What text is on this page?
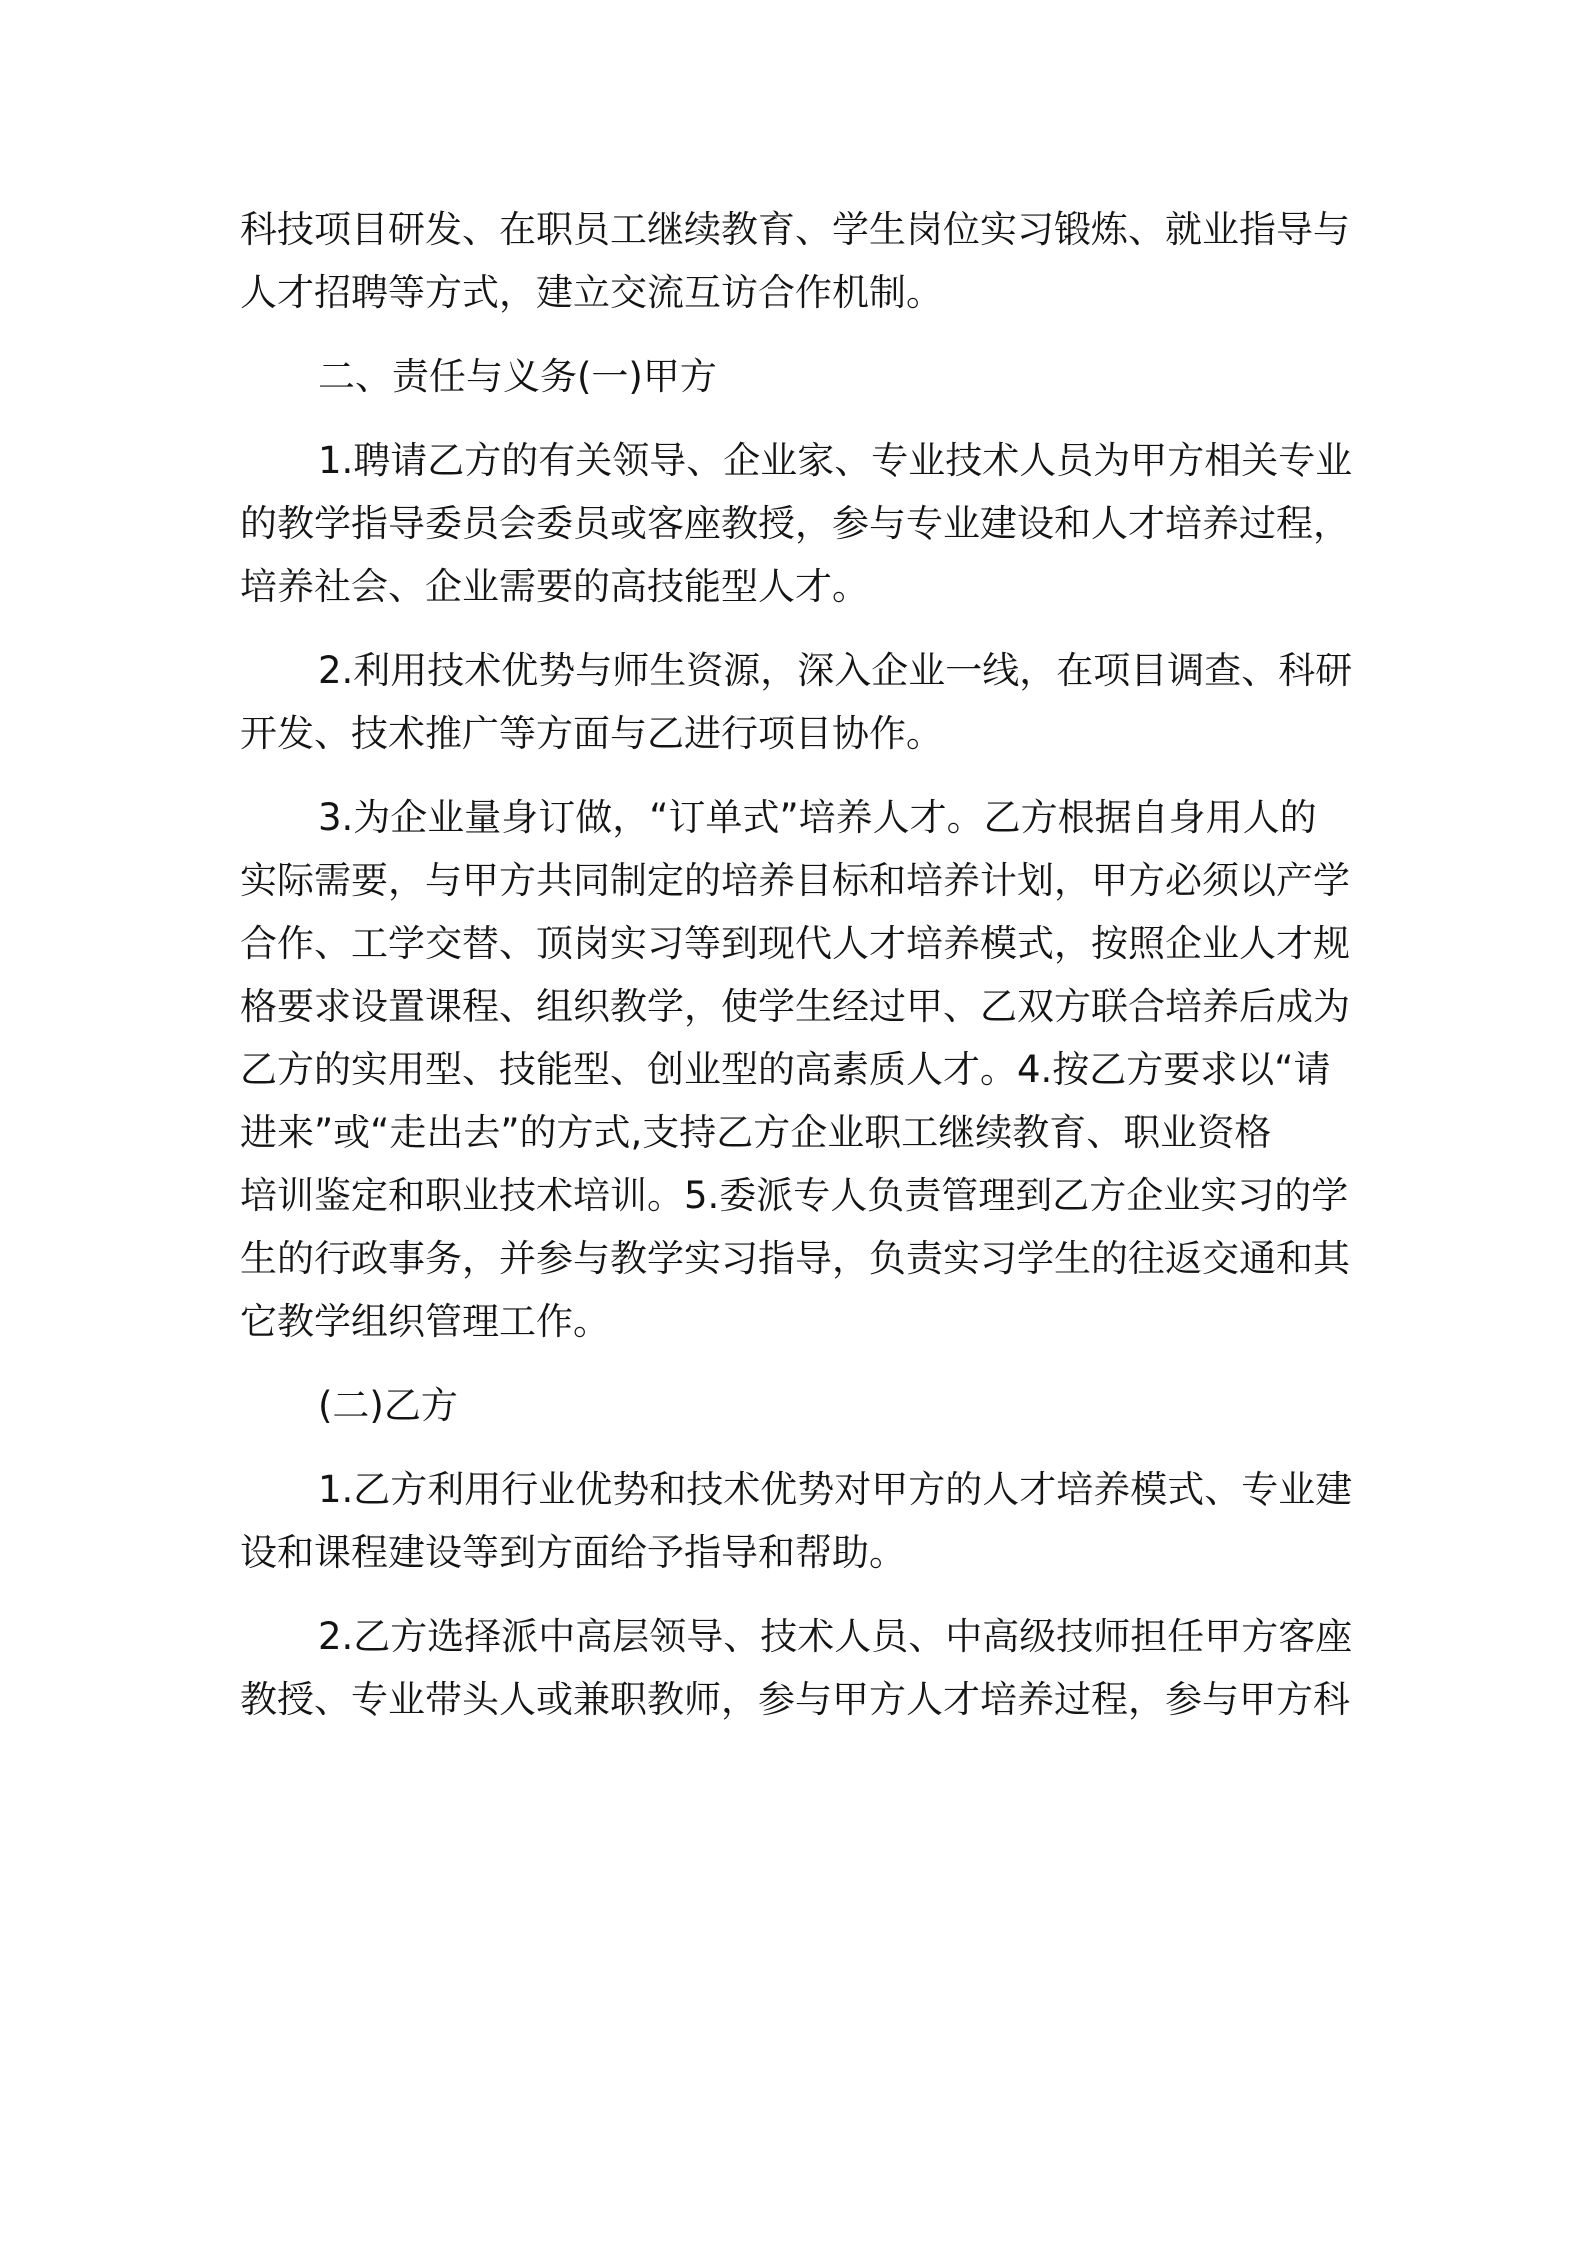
科技项目研发、在职员工继续教育、学生岗位实习锻炼、就业指导与
人才招聘等方式，建立交流互访合作机制。
二、责任与义务(一)甲方
1.聘请乙方的有关领导、企业家、专业技术人员为甲方相关专业
的教学指导委员会委员或客座教授，参与专业建设和人才培养过程，
培养社会、企业需要的高技能型人才。
2.利用技术优势与师生资源，深入企业一线，在项目调查、科研
开发、技术推广等方面与乙进行项目协作。
3.为企业量身订做，“订单式”培养人才。乙方根据自身用人的
实际需要，与甲方共同制定的培养目标和培养计划，甲方必须以产学
合作、工学交替、顶岗实习等到现代人才培养模式，按照企业人才规
格要求设置课程、组织教学，使学生经过甲、乙双方联合培养后成为
乙方的实用型、技能型、创业型的高素质人才。4.按乙方要求以“请
进来”或“走出去”的方式,支持乙方企业职工继续教育、职业资格
培训鉴定和职业技术培训。5.委派专人负责管理到乙方企业实习的学
生的行政事务，并参与教学实习指导，负责实习学生的往返交通和其
它教学组织管理工作。
(二)乙方
1.乙方利用行业优势和技术优势对甲方的人才培养模式、专业建
设和课程建设等到方面给予指导和帮助。
2.乙方选择派中高层领导、技术人员、中高级技师担任甲方客座
教授、专业带头人或兼职教师，参与甲方人才培养过程，参与甲方科
